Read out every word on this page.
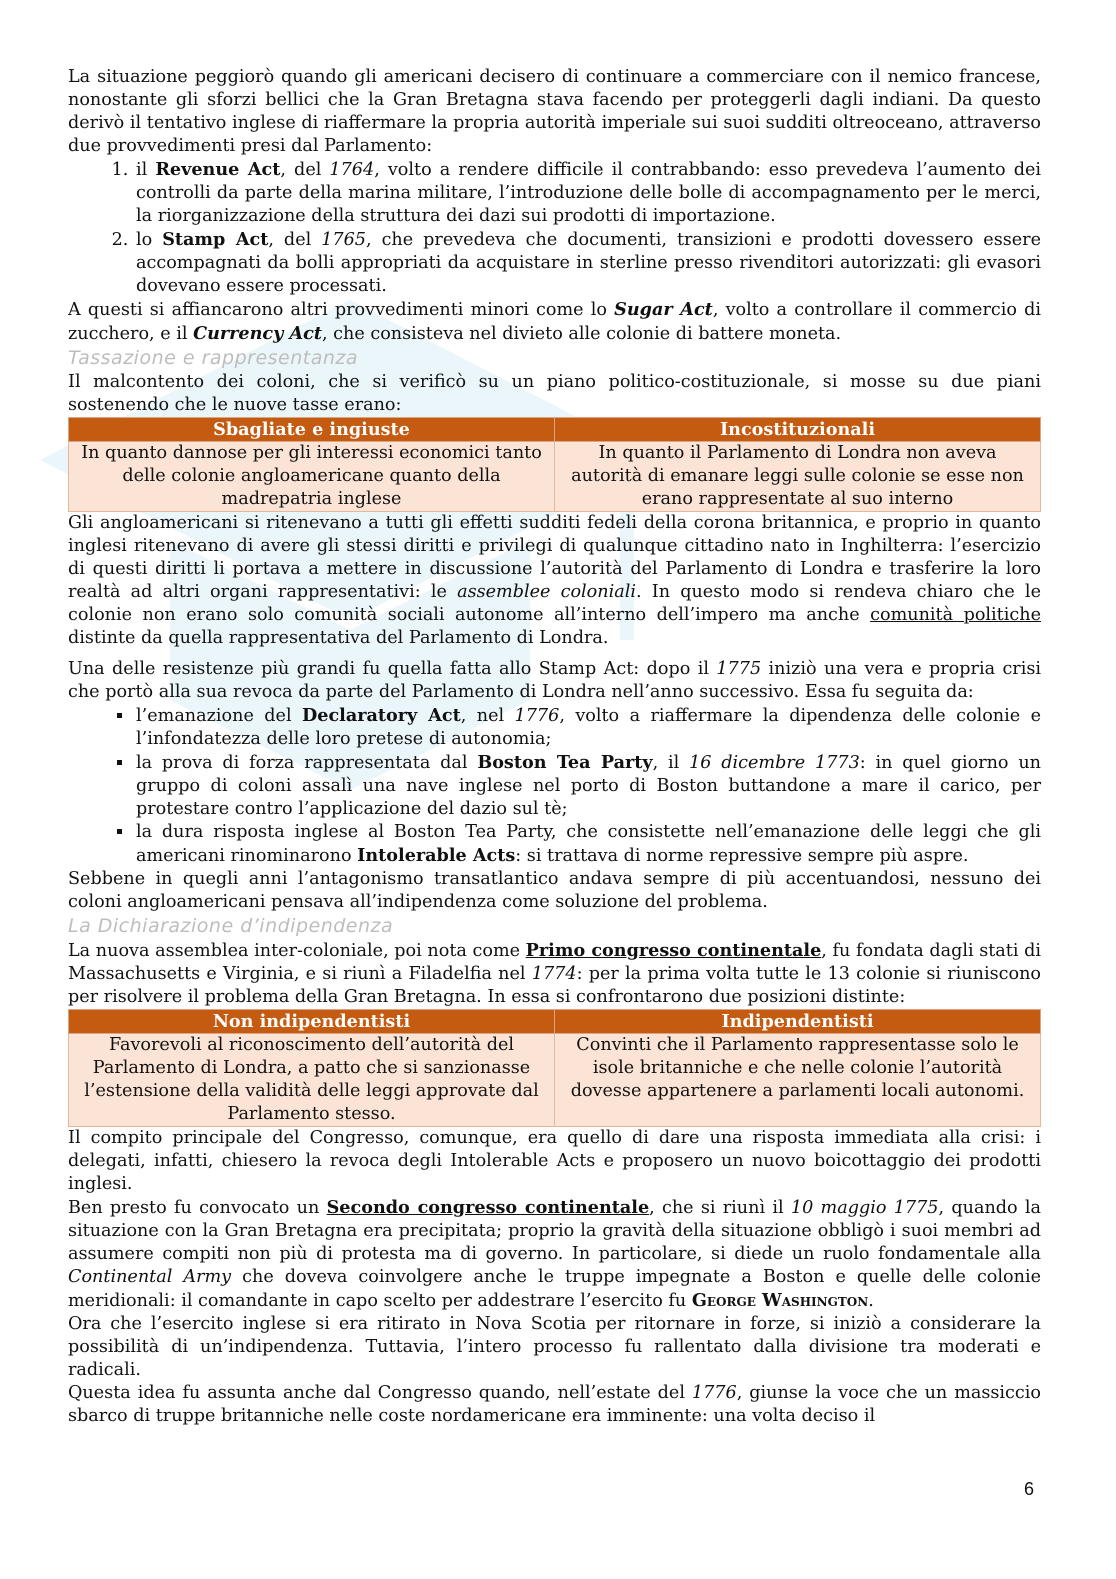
La situazione peggiorò quando gli americani decisero di continuare a commerciare con il nemico francese, nonostante gli sforzi bellici che la Gran Bretagna stava facendo per proteggerli dagli indiani. Da questo derivò il tentativo inglese di riaffermare la propria autorità imperiale sui suoi sudditi oltreoceano, attraverso due provvedimenti presi dal Parlamento:

1. il Revenue Act, del 1764, volto a rendere difficile il contrabbando: esso prevedeva l’aumento dei controlli da parte della marina militare, l’introduzione delle bolle di accompagnamento per le merci, la riorganizzazione della struttura dei dazi sui prodotti di importazione.
2. lo Stamp Act, del 1765, che prevedeva che documenti, transizioni e prodotti dovessero essere accompagnati da bolli appropriati da acquistare in sterline presso rivenditori autorizzati: gli evasori dovevano essere processati.

A questi si affiancarono altri provvedimenti minori come lo Sugar Act, volto a controllare il commercio di zucchero, e il Currency Act, che consisteva nel divieto alle colonie di battere moneta.

Tassazione e rappresentanza

Il malcontento dei coloni, che si verificò su un piano politico-costituzionale, si mosse su due piani sostenendo che le nuove tasse erano:

Sbagliate e ingiuste	Incostituzionali
In quanto dannose per gli interessi economici tanto delle colonie angloamericane quanto della madrepatria inglese	In quanto il Parlamento di Londra non aveva autorità di emanare leggi sulle colonie se esse non erano rappresentate al suo interno

Gli angloamericani si ritenevano a tutti gli effetti sudditi fedeli della corona britannica, e proprio in quanto inglesi ritenevano di avere gli stessi diritti e privilegi di qualunque cittadino nato in Inghilterra: l’esercizio di questi diritti li portava a mettere in discussione l’autorità del Parlamento di Londra e trasferire la loro realtà ad altri organi rappresentativi: le assemblee coloniali. In questo modo si rendeva chiaro che le colonie non erano solo comunità sociali autonome all’interno dell’impero ma anche comunità politiche distinte da quella rappresentativa del Parlamento di Londra.

Una delle resistenze più grandi fu quella fatta allo Stamp Act: dopo il 1775 iniziò una vera e propria crisi che portò alla sua revoca da parte del Parlamento di Londra nell’anno successivo. Essa fu seguita da:

▪ l’emanazione del Declaratory Act, nel 1776, volto a riaffermare la dipendenza delle colonie e l’infondatezza delle loro pretese di autonomia;
▪ la prova di forza rappresentata dal Boston Tea Party, il 16 dicembre 1773: in quel giorno un gruppo di coloni assalì una nave inglese nel porto di Boston buttandone a mare il carico, per protestare contro l’applicazione del dazio sul tè;
▪ la dura risposta inglese al Boston Tea Party, che consistette nell’emanazione delle leggi che gli americani rinominarono Intolerable Acts: si trattava di norme repressive sempre più aspre.

Sebbene in quegli anni l’antagonismo transatlantico andava sempre di più accentuandosi, nessuno dei coloni angloamericani pensava all’indipendenza come soluzione del problema.

La Dichiarazione d’indipendenza

La nuova assemblea inter-coloniale, poi nota come Primo congresso continentale, fu fondata dagli stati di Massachusetts e Virginia, e si riunì a Filadelfia nel 1774: per la prima volta tutte le 13 colonie si riuniscono per risolvere il problema della Gran Bretagna. In essa si confrontarono due posizioni distinte:

Non indipendentisti	Indipendentisti
Favorevoli al riconoscimento dell’autorità del Parlamento di Londra, a patto che si sanzionasse l’estensione della validità delle leggi approvate dal Parlamento stesso.	Convinti che il Parlamento rappresentasse solo le isole britanniche e che nelle colonie l’autorità dovesse appartenere a parlamenti locali autonomi.

Il compito principale del Congresso, comunque, era quello di dare una risposta immediata alla crisi: i delegati, infatti, chiesero la revoca degli Intolerable Acts e proposero un nuovo boicottaggio dei prodotti inglesi.

Ben presto fu convocato un Secondo congresso continentale, che si riunì il 10 maggio 1775, quando la situazione con la Gran Bretagna era precipitata; proprio la gravità della situazione obbligò i suoi membri ad assumere compiti non più di protesta ma di governo. In particolare, si diede un ruolo fondamentale alla Continental Army che doveva coinvolgere anche le truppe impegnate a Boston e quelle delle colonie meridionali: il comandante in capo scelto per addestrare l’esercito fu George Washington.

Ora che l’esercito inglese si era ritirato in Nova Scotia per ritornare in forze, si iniziò a considerare la possibilità di un’indipendenza. Tuttavia, l’intero processo fu rallentato dalla divisione tra moderati e radicali.

Questa idea fu assunta anche dal Congresso quando, nell’estate del 1776, giunse la voce che un massiccio sbarco di truppe britanniche nelle coste nordamericane era imminente: una volta deciso il

6
